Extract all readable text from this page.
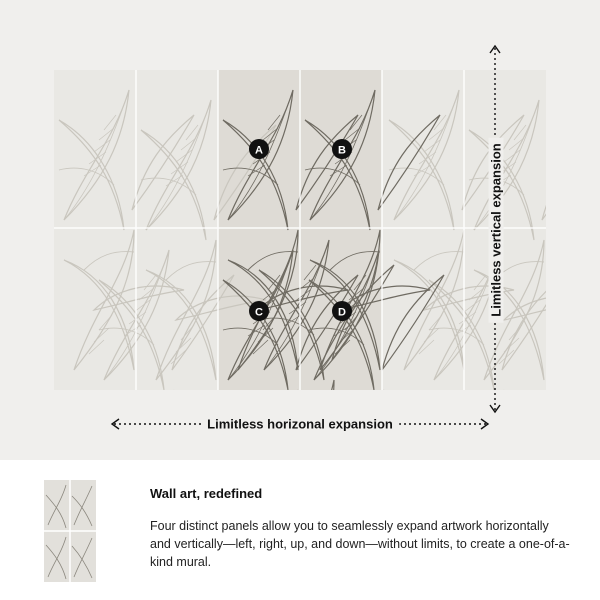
A	B
C	D	Limitless vertical expansion
Limitless horizonal expansion
Wall art, redefined
Four distinct panels allow you to seamlessly expand artwork horizontally and vertically—left, right, up, and down—without limits, to create a one-of-a-kind mural.
